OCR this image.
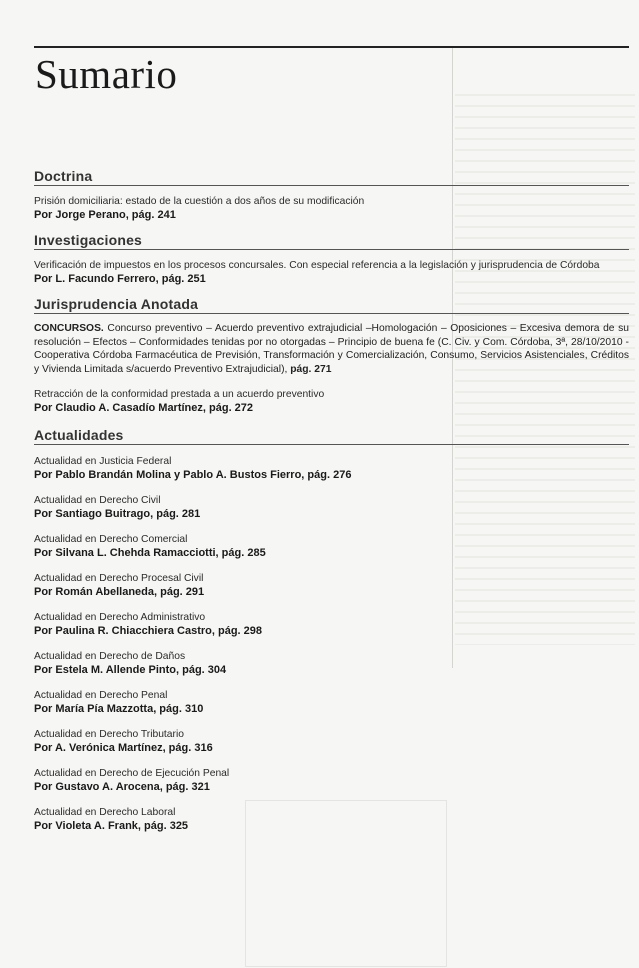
Sumario
Doctrina

Prisión domiciliaria: estado de la cuestión a dos años de su modificación

Por Jorge Perano, pág. 241

Investigaciones

Verificación de impuestos en los procesos concursales. Con especial referencia a la legislación y jurisprudencia de Córdoba

Por L. Facundo Ferrero, pág. 251

Jurisprudencia Anotada

CONCURSOS. Concurso preventivo – Acuerdo preventivo extrajudicial –Homologación – Oposiciones – Excesiva demora de su resolución – Efectos – Conformidades tenidas por no otorgadas – Principio de buena fe (C. Civ. y Com. Córdoba, 3ª, 28/10/2010 - Cooperativa Córdoba Farmacéutica de Previsión, Transformación y Comercialización, Consumo, Servicios Asistenciales, Créditos y Vivienda Limitada s/acuerdo Preventivo Extrajudicial), pág. 271

Retracción de la conformidad prestada a un acuerdo preventivo

Por Claudio A. Casadío Martínez, pág. 272

Actualidades

Actualidad en Justicia Federal

Por Pablo Brandán Molina y Pablo A. Bustos Fierro, pág. 276

Actualidad en Derecho Civil

Por Santiago Buitrago, pág. 281

Actualidad en Derecho Comercial

Por Silvana L. Chehda Ramacciotti, pág. 285

Actualidad en Derecho Procesal Civil

Por Román Abellaneda, pág. 291

Actualidad en Derecho Administrativo

Por Paulina R. Chiacchiera Castro, pág. 298

Actualidad en Derecho de Daños

Por Estela M. Allende Pinto, pág. 304

Actualidad en Derecho Penal

Por María Pía Mazzotta, pág. 310

Actualidad en Derecho Tributario

Por A. Verónica Martínez, pág. 316

Actualidad en Derecho de Ejecución Penal

Por Gustavo A. Arocena, pág. 321

Actualidad en Derecho Laboral

Por Violeta A. Frank, pág. 325
